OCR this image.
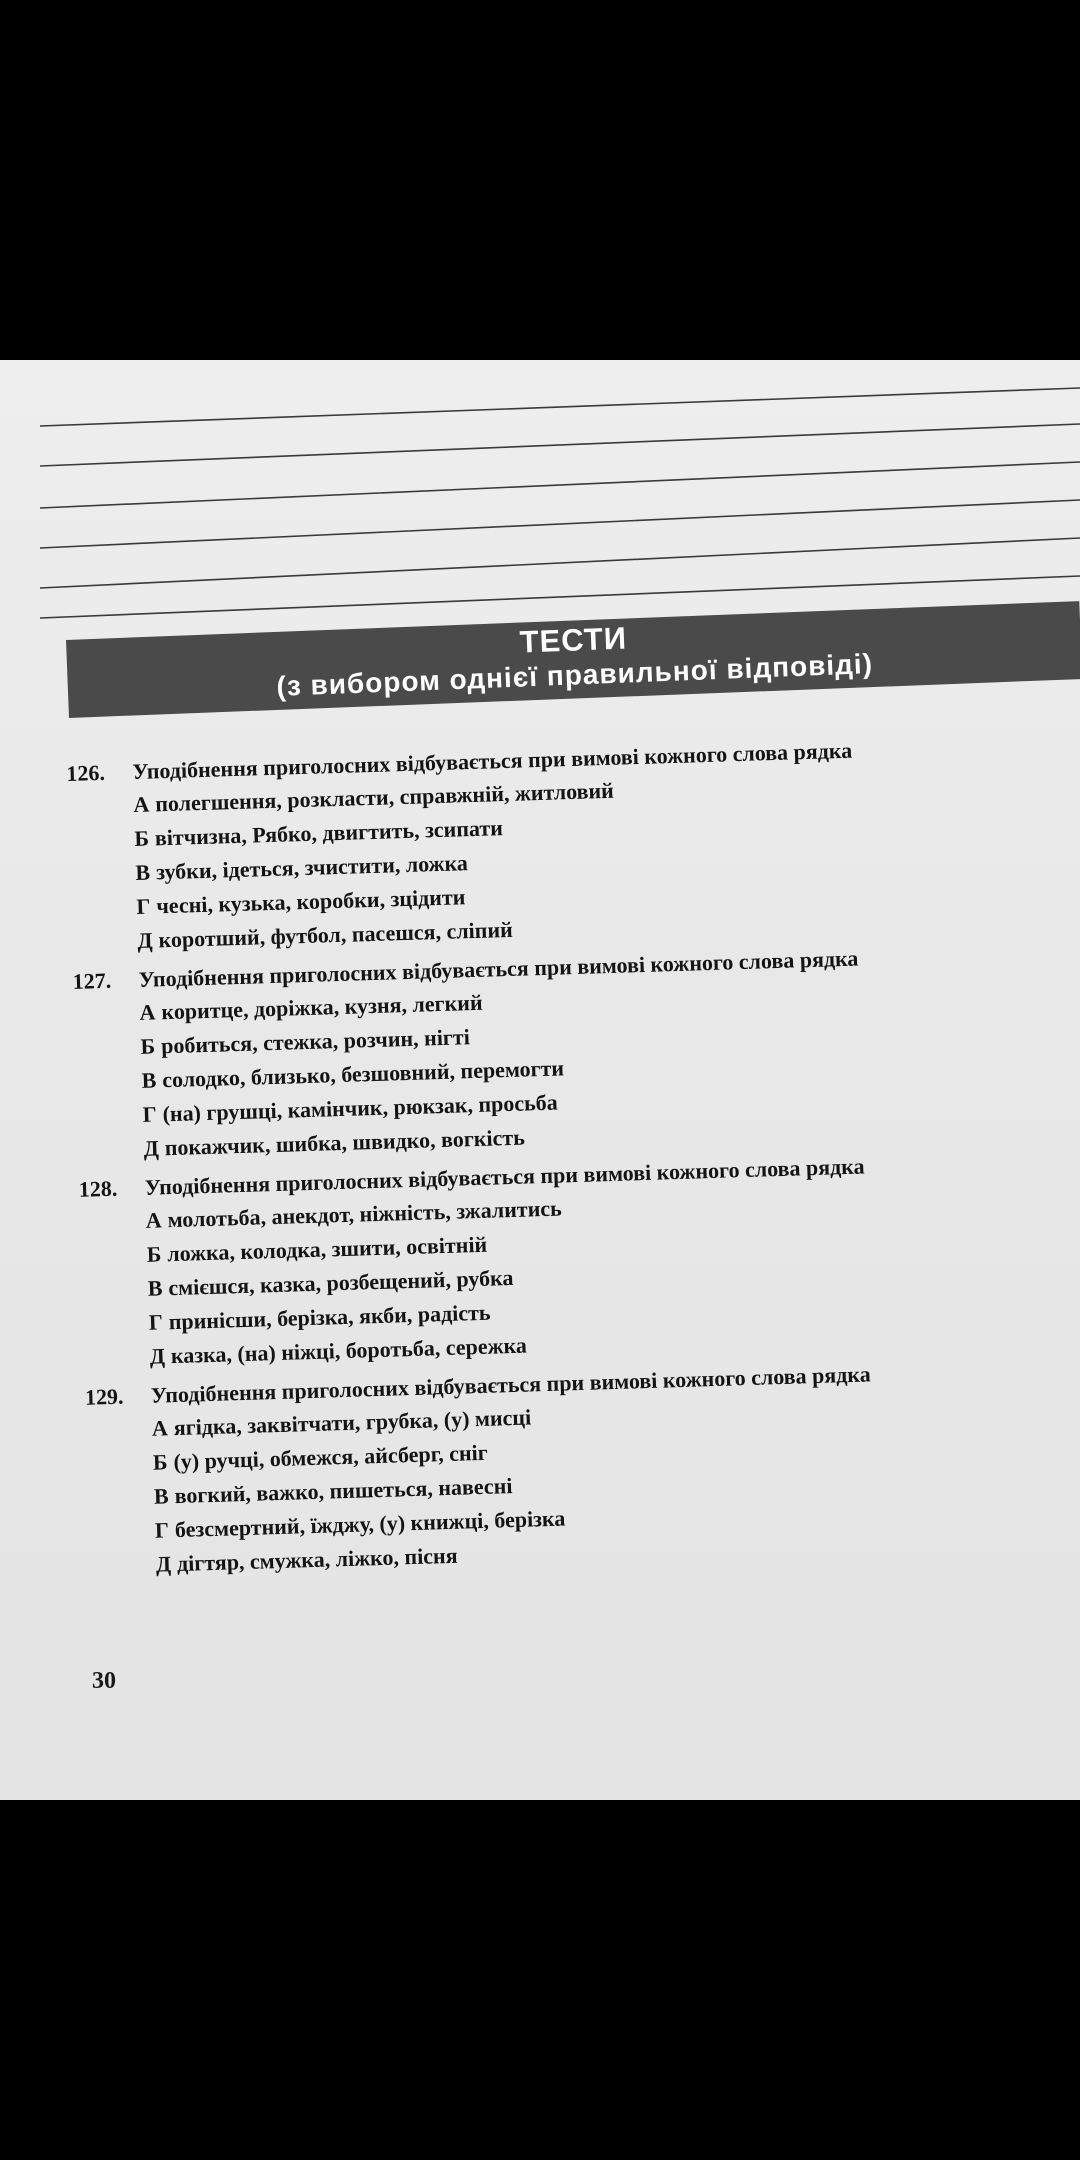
ТЕСТИ
(з вибором однієї правильної відповіді)
126. Уподібнення приголосних відбувається при вимові кожного слова рядка
А полегшення, розкласти, справжній, житловий
Б вітчизна, Рябко, двигтить, зсипати
В зубки, ідеться, зчистити, ложка
Г чесні, кузька, коробки, зцідити
Д коротший, футбол, пасешся, сліпий
127. Уподібнення приголосних відбувається при вимові кожного слова рядка
А коритце, доріжка, кузня, легкий
Б робиться, стежка, розчин, нігті
В солодко, близько, безшовний, перемогти
Г (на) грушці, камінчик, рюкзак, просьба
Д покажчик, шибка, швидко, вогкість
128. Уподібнення приголосних відбувається при вимові кожного слова рядка
А молотьба, анекдот, ніжність, зжалитись
Б ложка, колодка, зшити, освітній
В смієшся, казка, розбещений, рубка
Г принісши, берізка, якби, радість
Д казка, (на) ніжці, боротьба, сережка
129. Уподібнення приголосних відбувається при вимові кожного слова рядка
А ягідка, заквітчати, грубка, (у) мисці
Б (у) ручці, обмежся, айсберг, сніг
В вогкий, важко, пишеться, навесні
Г безсмертний, їжджу, (у) книжці, берізка
Д дігтяр, смужка, ліжко, пісня
30
